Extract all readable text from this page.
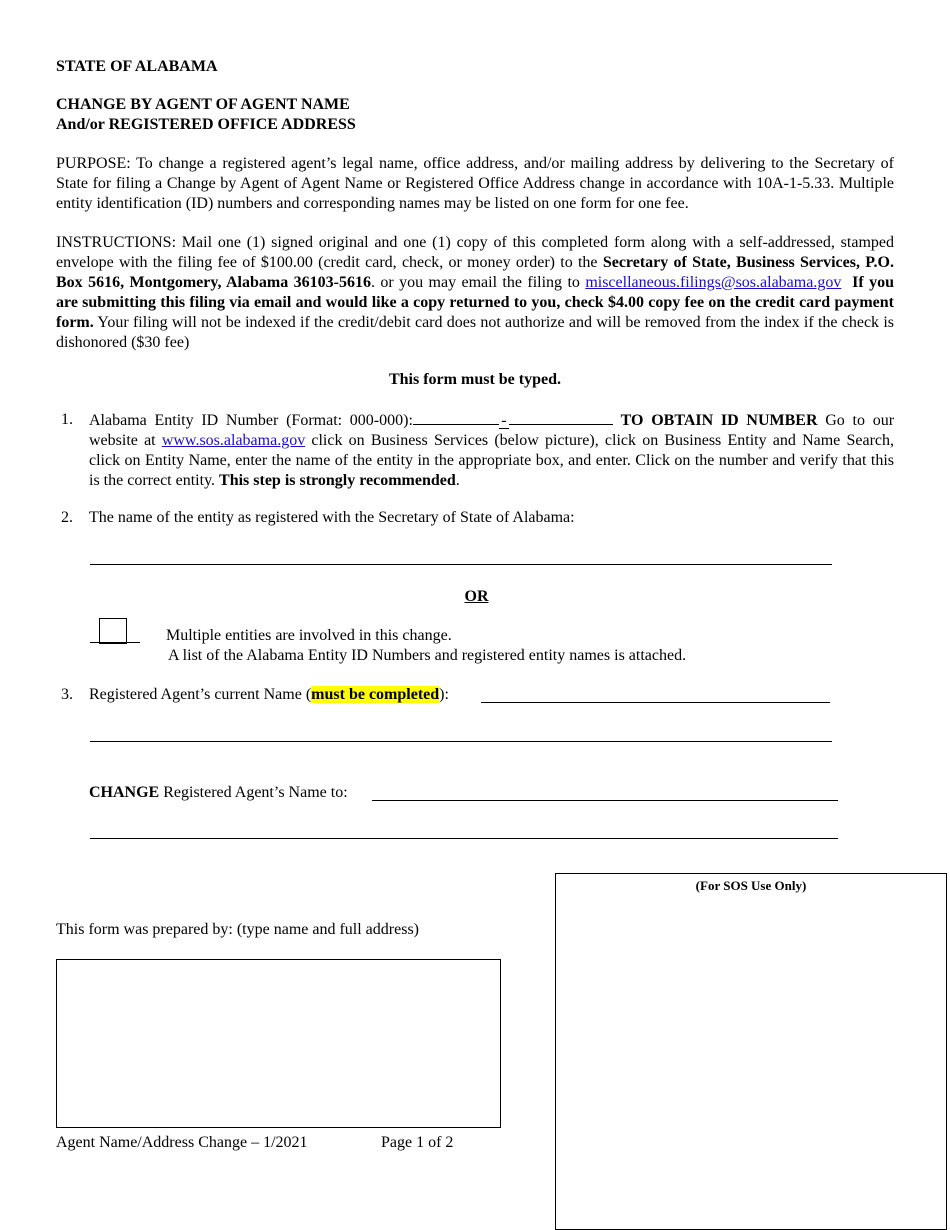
STATE OF ALABAMA
CHANGE BY AGENT OF AGENT NAME
And/or REGISTERED OFFICE ADDRESS
PURPOSE: To change a registered agent’s legal name, office address, and/or mailing address by delivering to the Secretary of State for filing a Change by Agent of Agent Name or Registered Office Address change in accordance with 10A-1-5.33. Multiple entity identification (ID) numbers and corresponding names may be listed on one form for one fee.
INSTRUCTIONS: Mail one (1) signed original and one (1) copy of this completed form along with a self-addressed, stamped envelope with the filing fee of $100.00 (credit card, check, or money order) to the Secretary of State, Business Services, P.O. Box 5616, Montgomery, Alabama 36103-5616. or you may email the filing to miscellaneous.filings@sos.alabama.gov If you are submitting this filing via email and would like a copy returned to you, check $4.00 copy fee on the credit card payment form. Your filing will not be indexed if the credit/debit card does not authorize and will be removed from the index if the check is dishonored ($30 fee)
This form must be typed.
1. Alabama Entity ID Number (Format: 000-000):	-	TO OBTAIN ID NUMBER Go to our website at www.sos.alabama.gov click on Business Services (below picture), click on Business Entity and Name Search, click on Entity Name, enter the name of the entity in the appropriate box, and enter. Click on the number and verify that this is the correct entity. This step is strongly recommended.
2. The name of the entity as registered with the Secretary of State of Alabama:
OR
Multiple entities are involved in this change.
A list of the Alabama Entity ID Numbers and registered entity names is attached.
3. Registered Agent’s current Name (must be completed):
CHANGE Registered Agent’s Name to:
(For SOS Use Only)
This form was prepared by: (type name and full address)
Agent Name/Address Change – 1/2021	Page 1 of 2
